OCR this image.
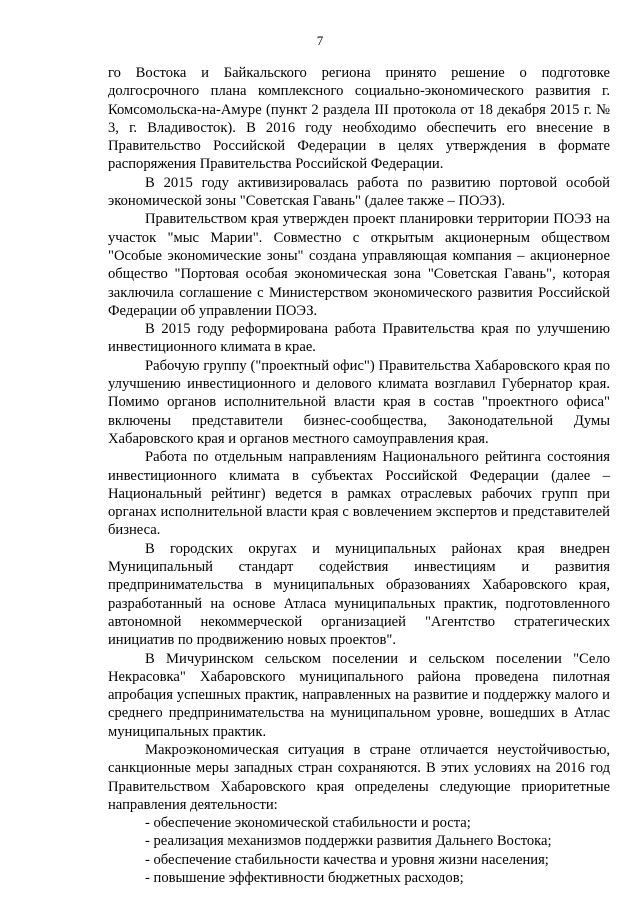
7

го Востока и Байкальского региона принято решение о подготовке долгосрочного плана комплексного социально-экономического развития г. Комсомольска-на-Амуре (пункт 2 раздела III протокола от 18 декабря 2015 г. № 3, г. Владивосток). В 2016 году необходимо обеспечить его внесение в Правительство Российской Федерации в целях утверждения в формате распоряжения Правительства Российской Федерации.

В 2015 году активизировалась работа по развитию портовой особой экономической зоны "Советская Гавань" (далее также – ПОЭЗ).

Правительством края утвержден проект планировки территории ПОЭЗ на участок "мыс Марии". Совместно с открытым акционерным обществом "Особые экономические зоны" создана управляющая компания – акционерное общество "Портовая особая экономическая зона "Советская Гавань", которая заключила соглашение с Министерством экономического развития Российской Федерации об управлении ПОЭЗ.

В 2015 году реформирована работа Правительства края по улучшению инвестиционного климата в крае.

Рабочую группу ("проектный офис") Правительства Хабаровского края по улучшению инвестиционного и делового климата возглавил Губернатор края. Помимо органов исполнительной власти края в состав "проектного офиса" включены представители бизнес-сообщества, Законодательной Думы Хабаровского края и органов местного самоуправления края.

Работа по отдельным направлениям Национального рейтинга состояния инвестиционного климата в субъектах Российской Федерации (далее – Национальный рейтинг) ведется в рамках отраслевых рабочих групп при органах исполнительной власти края с вовлечением экспертов и представителей бизнеса.

В городских округах и муниципальных районах края внедрен Муниципальный стандарт содействия инвестициям и развития предпринимательства в муниципальных образованиях Хабаровского края, разработанный на основе Атласа муниципальных практик, подготовленного автономной некоммерческой организацией "Агентство стратегических инициатив по продвижению новых проектов".

В Мичуринском сельском поселении и сельском поселении "Село Некрасовка" Хабаровского муниципального района проведена пилотная апробация успешных практик, направленных на развитие и поддержку малого и среднего предпринимательства на муниципальном уровне, вошедших в Атлас муниципальных практик.

Макроэкономическая ситуация в стране отличается неустойчивостью, санкционные меры западных стран сохраняются. В этих условиях на 2016 год Правительством Хабаровского края определены следующие приоритетные направления деятельности:

- обеспечение экономической стабильности и роста;
- реализация механизмов поддержки развития Дальнего Востока;
- обеспечение стабильности качества и уровня жизни населения;
- повышение эффективности бюджетных расходов;
